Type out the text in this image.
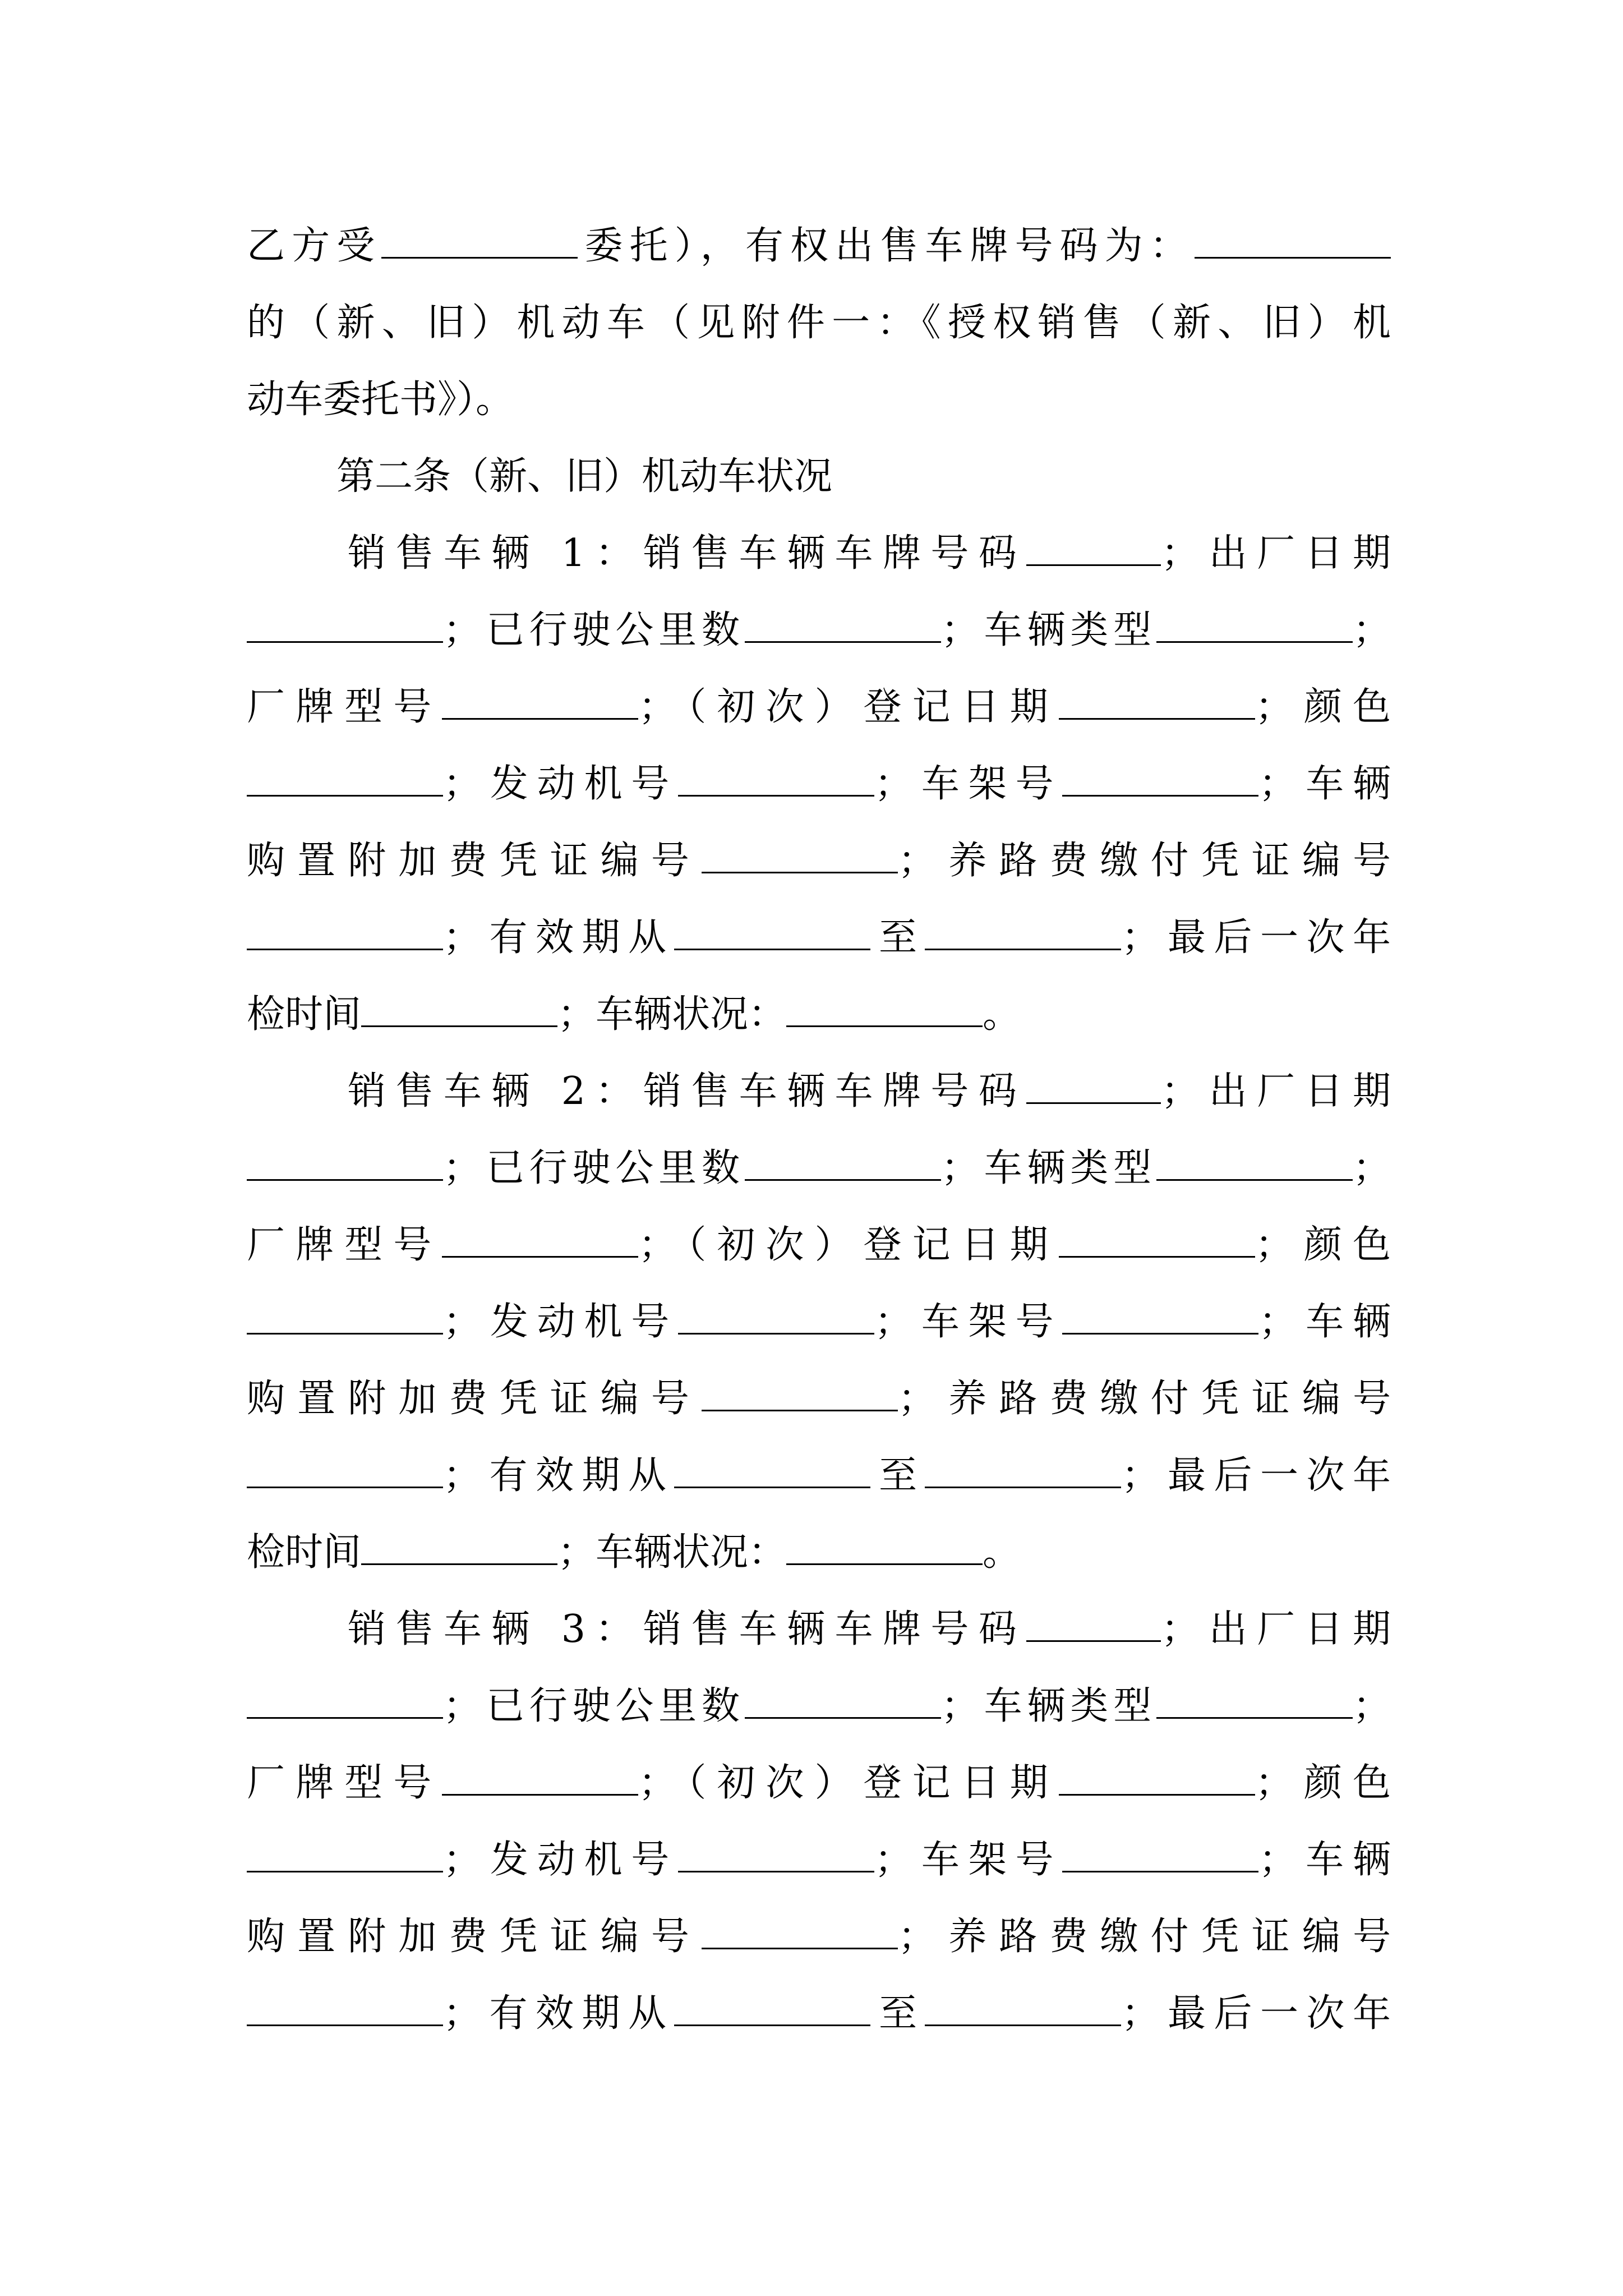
乙方受	委托），有权出售车牌号码为：
的（新、旧）机动车（见附件一：《授权销售（新、旧）机
动车委托书》）。
第二条（新、旧）机动车状况
销售车辆 1：销售车辆车牌号码	；出厂日期
；已行驶公里数	；车辆类型	；
厂牌型号	；（初次）登记日期	；颜色
；发动机号	；车架号	；车辆
购置附加费凭证编号	；养路费缴付凭证编号
；有效期从	至	；最后一次年
检时间	；车辆状况：	。
销售车辆 2：销售车辆车牌号码	；出厂日期
；已行驶公里数	；车辆类型	；
厂牌型号	；（初次）登记日期	；颜色
；发动机号	；车架号	；车辆
购置附加费凭证编号	；养路费缴付凭证编号
；有效期从	至	；最后一次年
检时间	；车辆状况：	。
销售车辆 3：销售车辆车牌号码	；出厂日期
；已行驶公里数	；车辆类型	；
厂牌型号	；（初次）登记日期	；颜色
；发动机号	；车架号	；车辆
购置附加费凭证编号	；养路费缴付凭证编号
；有效期从	至	；最后一次年
